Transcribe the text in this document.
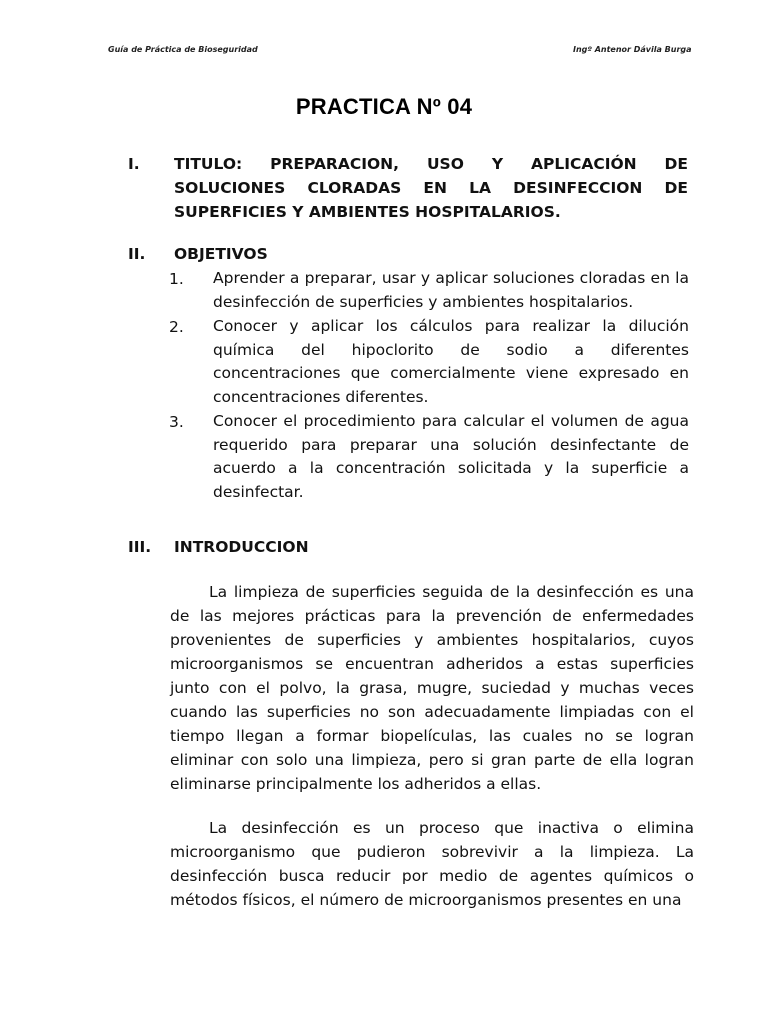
Guía de Práctica de Bioseguridad	Ingº Antenor Dávila Burga
PRACTICA Nº 04
I. TITULO: PREPARACION, USO Y APLICACIÓN DE SOLUCIONES CLORADAS EN LA DESINFECCION DE SUPERFICIES Y AMBIENTES HOSPITALARIOS.
II. OBJETIVOS
1. Aprender a preparar, usar y aplicar soluciones cloradas en la desinfección de superficies y ambientes hospitalarios.
2. Conocer y aplicar los cálculos para realizar la dilución química del hipoclorito de sodio a diferentes concentraciones que comercialmente viene expresado en concentraciones diferentes.
3. Conocer el procedimiento para calcular el volumen de agua requerido para preparar una solución desinfectante de acuerdo a la concentración solicitada y la superficie a desinfectar.
III. INTRODUCCION
La limpieza de superficies seguida de la desinfección es una de las mejores prácticas para la prevención de enfermedades provenientes de superficies y ambientes hospitalarios, cuyos microorganismos se encuentran adheridos a estas superficies junto con el polvo, la grasa, mugre, suciedad y muchas veces cuando las superficies no son adecuadamente limpiadas con el tiempo llegan a formar biopelículas, las cuales no se logran eliminar con solo una limpieza, pero si gran parte de ella logran eliminarse principalmente los adheridos a ellas.
La desinfección es un proceso que inactiva o elimina microorganismo que pudieron sobrevivir a la limpieza. La desinfección busca reducir por medio de agentes químicos o métodos físicos, el número de microorganismos presentes en una
